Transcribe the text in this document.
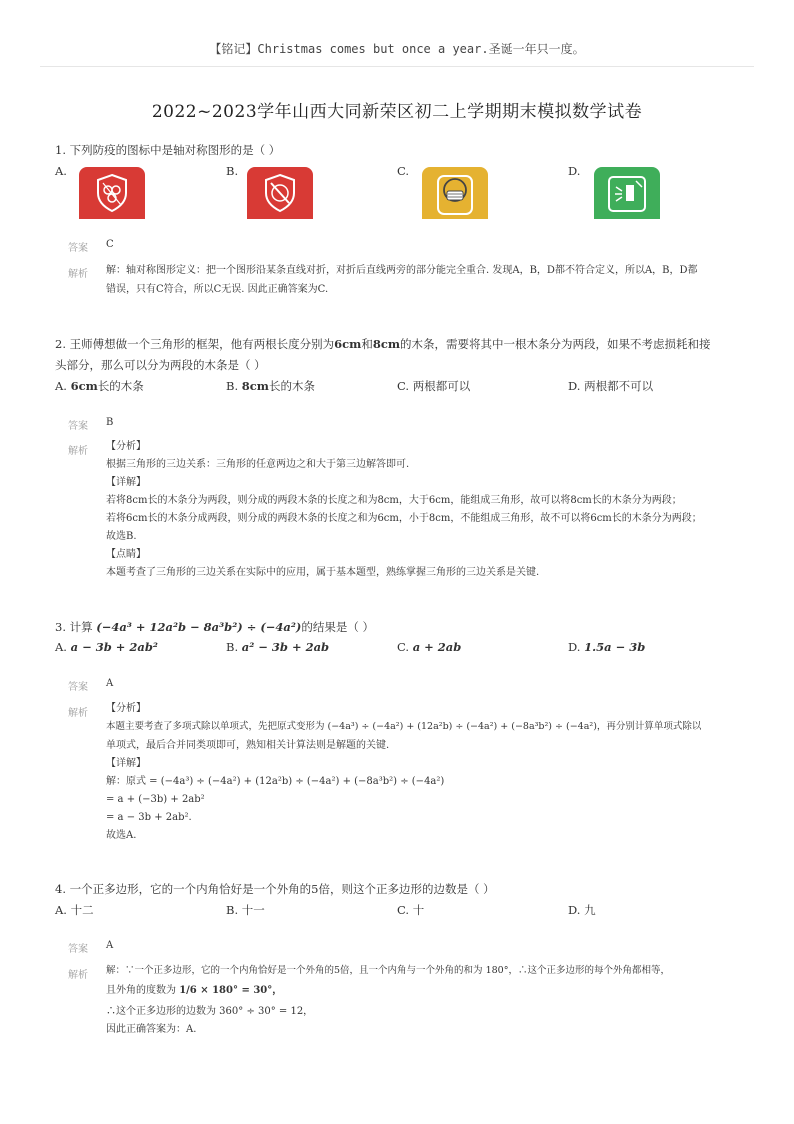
【铭记】Christmas comes but once a year.圣诞一年只一度。
2022~2023学年山西大同新荣区初二上学期期末模拟数学试卷
1. 下列防疫的图标中是轴对称图形的是（ ）
A.	B.	C.	D.
答案 C
解析 解：轴对称图形定义：把一个图形沿某条直线对折，对折后直线两旁的部分能完全重合. 发现A，B，D都不符合定义，所以A，B，D都
错误，只有C符合，所以C无误. 因此正确答案为C.
2. 王师傅想做一个三角形的框架，他有两根长度分别为6cm和8cm的木条，需要将其中一根木条分为两段，如果不考虑损耗和接
头部分，那么可以分为两段的木条是（ ）
A. 6cm长的木条	B. 8cm长的木条	C. 两根都可以	D. 两根都不可以
答案 B
解析 【分析】
根据三角形的三边关系：三角形的任意两边之和大于第三边解答即可.
【详解】
若将8cm长的木条分为两段，则分成的两段木条的长度之和为8cm，大于6cm，能组成三角形，故可以将8cm长的木条分为两段；
若将6cm长的木条分成两段，则分成的两段木条的长度之和为6cm，小于8cm，不能组成三角形，故不可以将6cm长的木条分为两段；
故选B.
【点睛】
本题考查了三角形的三边关系在实际中的应用，属于基本题型，熟练掌握三角形的三边关系是关键.
3. 计算 (−4a³ + 12a²b − 8a³b²) ÷ (−4a²)的结果是（ ）
A. a − 3b + 2ab²	B. a² − 3b + 2ab	C. a + 2ab	D. 1.5a − 3b
答案 A
解析 【分析】
本题主要考查了多项式除以单项式，先把原式变形为 (−4a³) ÷ (−4a²) + (12a²b) ÷ (−4a²) + (−8a³b²) ÷ (−4a²)，再分别计算单项式除以
单项式，最后合并同类项即可，熟知相关计算法则是解题的关键.
【详解】
解：原式 = (−4a³) ÷ (−4a²) + (12a²b) ÷ (−4a²) + (−8a³b²) ÷ (−4a²)
= a + (−3b) + 2ab²
= a − 3b + 2ab².
故选A.
4. 一个正多边形，它的一个内角恰好是一个外角的5倍，则这个正多边形的边数是（ ）
A. 十二	B. 十一	C. 十	D. 九
答案 A
解析 解：∵一个正多边形，它的一个内角恰好是一个外角的5倍，且一个内角与一个外角的和为 180°，∴这个正多边形的每个外角都相等，
且外角的度数为 1/6 × 180° = 30°，
∴这个正多边形的边数为 360° ÷ 30° = 12，
因此正确答案为：A.
